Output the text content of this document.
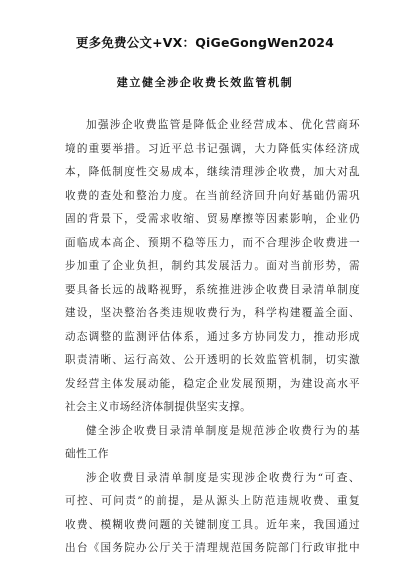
更多免费公文+VX：QiGeGongWen2024
建立健全涉企收费长效监管机制
加强涉企收费监管是降低企业经营成本、优化营商环
境的重要举措。习近平总书记强调，大力降低实体经济成
本，降低制度性交易成本，继续清理涉企收费，加大对乱
收费的查处和整治力度。在当前经济回升向好基础仍需巩
固的背景下，受需求收缩、贸易摩擦等因素影响，企业仍
面临成本高企、预期不稳等压力，而不合理涉企收费进一
步加重了企业负担，制约其发展活力。面对当前形势，需
要具备长远的战略视野，系统推进涉企收费目录清单制度
建设，坚决整治各类违规收费行为，科学构建覆盖全面、
动态调整的监测评估体系，通过多方协同发力，推动形成
职责清晰、运行高效、公开透明的长效监管机制，切实激
发经营主体发展动能，稳定企业发展预期，为建设高水平
社会主义市场经济体制提供坚实支撑。
健全涉企收费目录清单制度是规范涉企收费行为的基
础性工作
涉企收费目录清单制度是实现涉企收费行为“可查、
可控、可问责”的前提，是从源头上防范违规收费、重复
收费、模糊收费问题的关键制度工具。近年来，我国通过
出台《国务院办公厅关于清理规范国务院部门行政审批中
